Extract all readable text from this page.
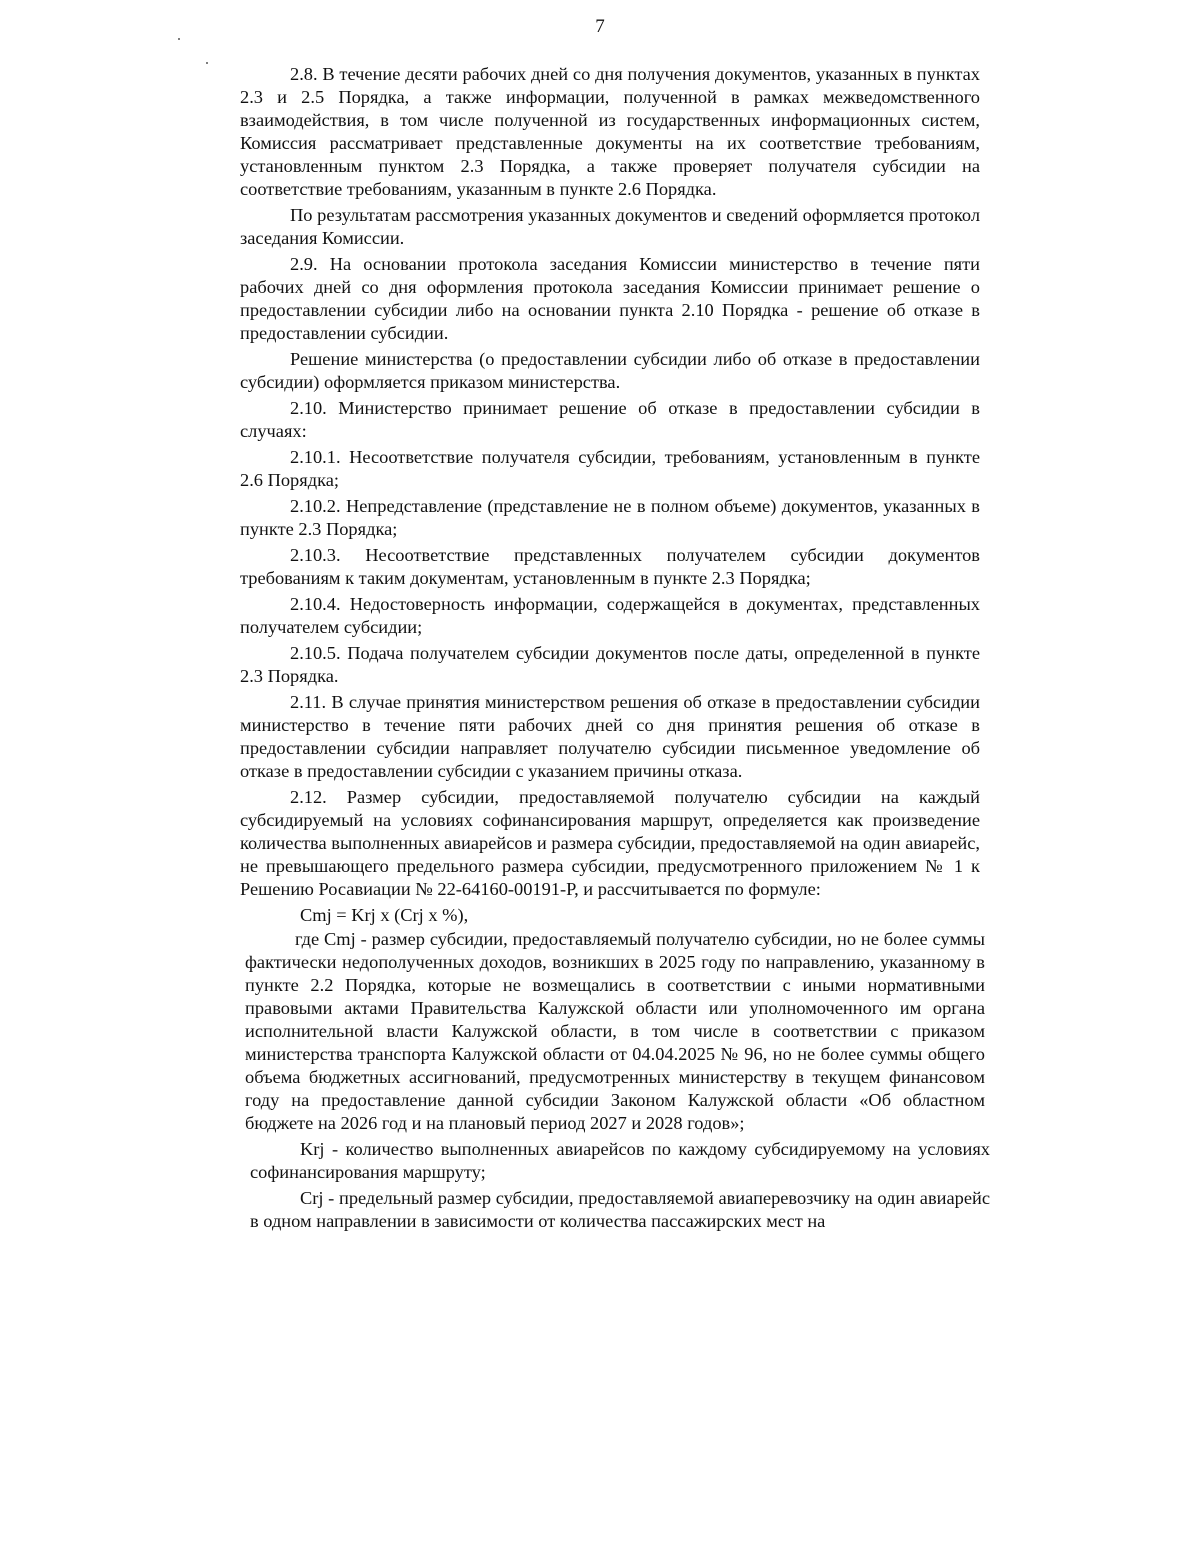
7

2.8. В течение десяти рабочих дней со дня получения документов, указанных в пунктах 2.3 и 2.5 Порядка, а также информации, полученной в рамках межведомственного взаимодействия, в том числе полученной из государственных информационных систем, Комиссия рассматривает представленные документы на их соответствие требованиям, установленным пунктом 2.3 Порядка, а также проверяет получателя субсидии на соответствие требованиям, указанным в пункте 2.6 Порядка.

По результатам рассмотрения указанных документов и сведений оформляется протокол заседания Комиссии.

2.9. На основании протокола заседания Комиссии министерство в течение пяти рабочих дней со дня оформления протокола заседания Комиссии принимает решение о предоставлении субсидии либо на основании пункта 2.10 Порядка - решение об отказе в предоставлении субсидии.

Решение министерства (о предоставлении субсидии либо об отказе в предоставлении субсидии) оформляется приказом министерства.

2.10. Министерство принимает решение об отказе в предоставлении субсидии в случаях:

2.10.1. Несоответствие получателя субсидии, требованиям, установленным в пункте 2.6 Порядка;

2.10.2. Непредставление (представление не в полном объеме) документов, указанных в пункте 2.3 Порядка;

2.10.3. Несоответствие представленных получателем субсидии документов требованиям к таким документам, установленным в пункте 2.3 Порядка;

2.10.4. Недостоверность информации, содержащейся в документах, представленных получателем субсидии;

2.10.5. Подача получателем субсидии документов после даты, определенной в пункте 2.3 Порядка.

2.11. В случае принятия министерством решения об отказе в предоставлении субсидии министерство в течение пяти рабочих дней со дня принятия решения об отказе в предоставлении субсидии направляет получателю субсидии письменное уведомление об отказе в предоставлении субсидии с указанием причины отказа.

2.12. Размер субсидии, предоставляемой получателю субсидии на каждый субсидируемый на условиях софинансирования маршрут, определяется как произведение количества выполненных авиарейсов и размера субсидии, предоставляемой на один авиарейс, не превышающего предельного размера субсидии, предусмотренного приложением № 1 к Решению Росавиации № 22-64160-00191-Р, и рассчитывается по формуле:

Cmj = Krj x (Crj x %),

где Cmj - размер субсидии, предоставляемый получателю субсидии, но не более суммы фактически недополученных доходов, возникших в 2025 году по направлению, указанному в пункте 2.2 Порядка, которые не возмещались в соответствии с иными нормативными правовыми актами Правительства Калужской области или уполномоченного им органа исполнительной власти Калужской области, в том числе в соответствии с приказом министерства транспорта Калужской области от 04.04.2025 № 96, но не более суммы общего объема бюджетных ассигнований, предусмотренных министерству в текущем финансовом году на предоставление данной субсидии Законом Калужской области «Об областном бюджете на 2026 год и на плановый период 2027 и 2028 годов»;

Krj - количество выполненных авиарейсов по каждому субсидируемому на условиях софинансирования маршруту;

Crj - предельный размер субсидии, предоставляемой авиаперевозчику на один авиарейс в одном направлении в зависимости от количества пассажирских мест на
